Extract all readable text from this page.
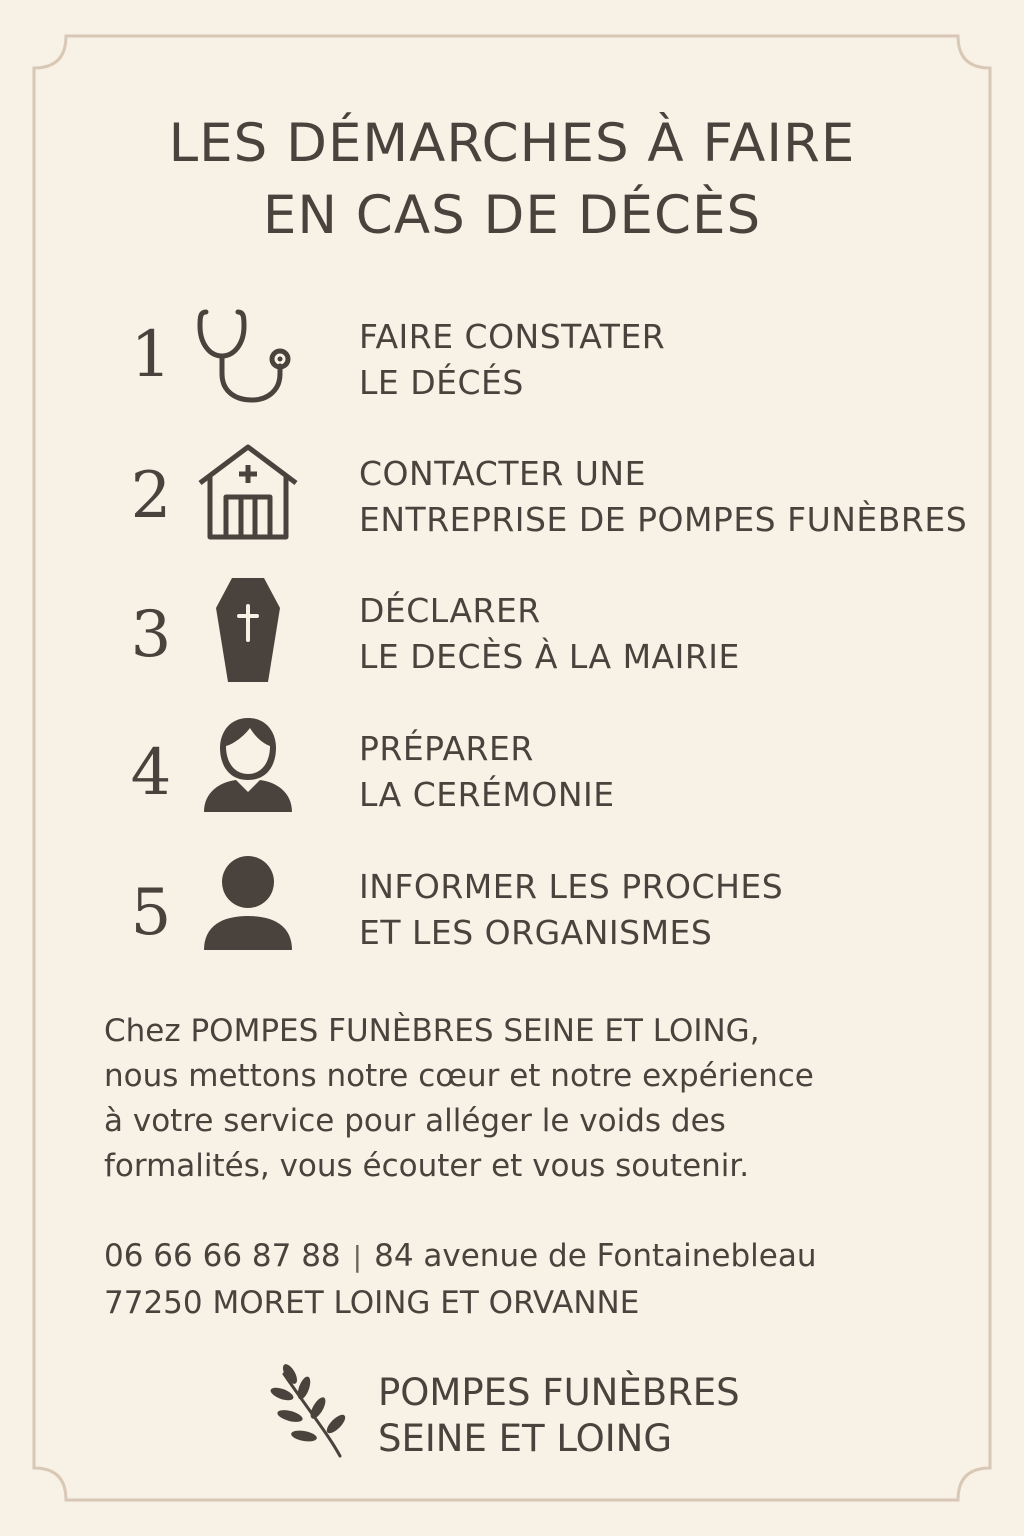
LES DÉMARCHES À FAIRE
EN CAS DE DÉCÈS
1	FAIRE CONSTATER
LE DÉCÉS
2	CONTACTER UNE
ENTREPRISE DE POMPES FUNÈBRES
3	DÉCLARER
LE DECÈS À LA MAIRIE
4	PRÉPARER
LA CERÉMONIE
5	INFORMER LES PROCHES
ET LES ORGANISMES
Chez POMPES FUNÈBRES SEINE ET LOING,
nous mettons notre cœur et notre expérience
à votre service pour alléger le voids des
formalités, vous écouter et vous soutenir.
06 66 66 87 88 | 84 avenue de Fontainebleau
77250 MORET LOING ET ORVANNE
POMPES FUNÈBRES
SEINE ET LOING
